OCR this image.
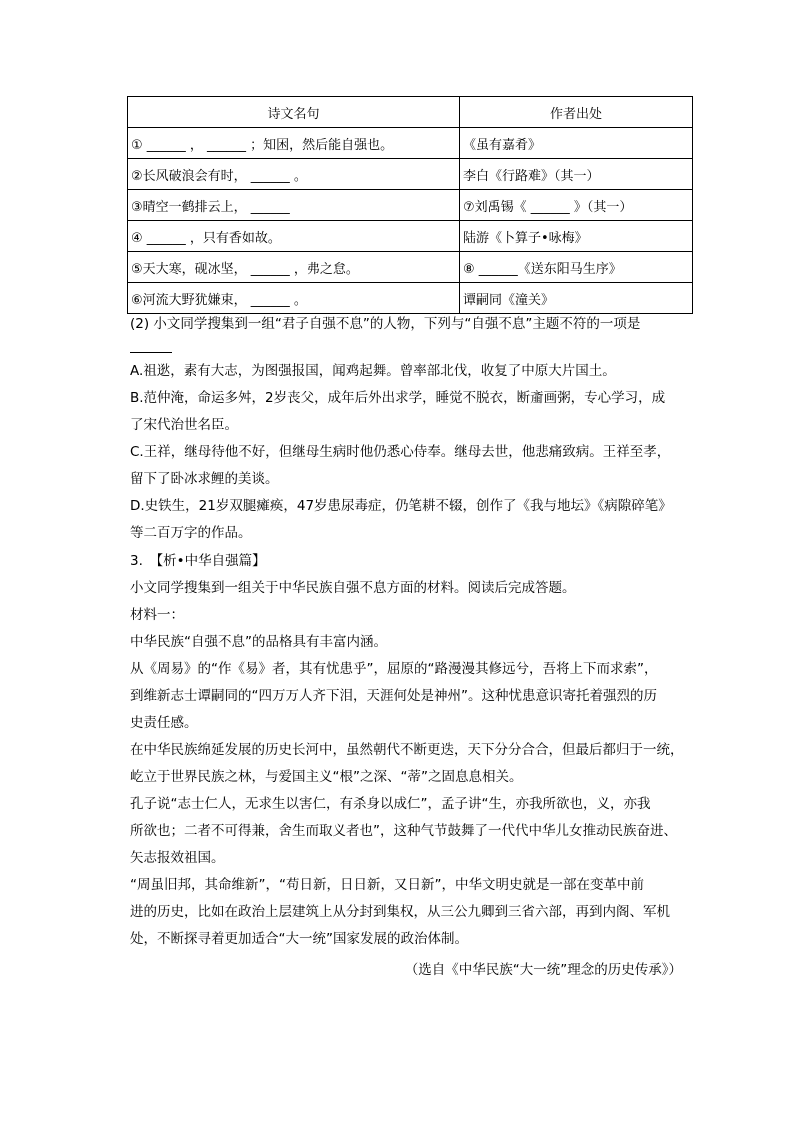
诗文名句	作者出处
① ______ ， ______ ；知困，然后能自强也。	《虽有嘉肴》
②长风破浪会有时， ______ 。	李白《行路难》（其一）
③晴空一鹤排云上， ______	⑦刘禹锡《 ______ 》（其一）
④ ______ ，只有香如故。	陆游《卜算子•咏梅》
⑤天大寒，砚冰坚， ______ ，弗之怠。	⑧ ______《送东阳马生序》
⑥河流大野犹嫌束， ______ 。	谭嗣同《潼关》
(2) 小文同学搜集到一组“君子自强不息”的人物，下列与“自强不息”主题不符的一项是

A.祖逖，素有大志，为图强报国，闻鸡起舞。曾率部北伐，收复了中原大片国土。

B.范仲淹，命运多舛，2岁丧父，成年后外出求学，睡觉不脱衣，断齑画粥，专心学习，成

了宋代治世名臣。

C.王祥，继母待他不好，但继母生病时他仍悉心侍奉。继母去世，他悲痛致病。王祥至孝，

留下了卧冰求鲤的美谈。

D.史铁生，21岁双腿瘫痪，47岁患尿毒症，仍笔耕不辍，创作了《我与地坛》《病隙碎笔》

等二百万字的作品。

3.　【析•中华自强篇】

小文同学搜集到一组关于中华民族自强不息方面的材料。阅读后完成答题。

材料一：

中华民族“自强不息”的品格具有丰富内涵。

从《周易》的“作《易》者，其有忧患乎”，屈原的“路漫漫其修远兮，吾将上下而求索”，

到维新志士谭嗣同的“四万万人齐下泪，天涯何处是神州”。这种忧患意识寄托着强烈的历

史责任感。

在中华民族绵延发展的历史长河中，虽然朝代不断更迭，天下分分合合，但最后都归于一统，

屹立于世界民族之林，与爱国主义“根”之深、“蒂”之固息息相关。

孔子说“志士仁人，无求生以害仁，有杀身以成仁”，孟子讲“生，亦我所欲也，义，亦我

所欲也；二者不可得兼，舍生而取义者也”，这种气节鼓舞了一代代中华儿女推动民族奋进、

矢志报效祖国。

“周虽旧邦，其命维新”，“苟日新，日日新，又日新”，中华文明史就是一部在变革中前

进的历史，比如在政治上层建筑上从分封到集权，从三公九卿到三省六部，再到内阁、军机

处，不断探寻着更加适合“大一统”国家发展的政治体制。

（选自《中华民族“大一统”理念的历史传承》）
